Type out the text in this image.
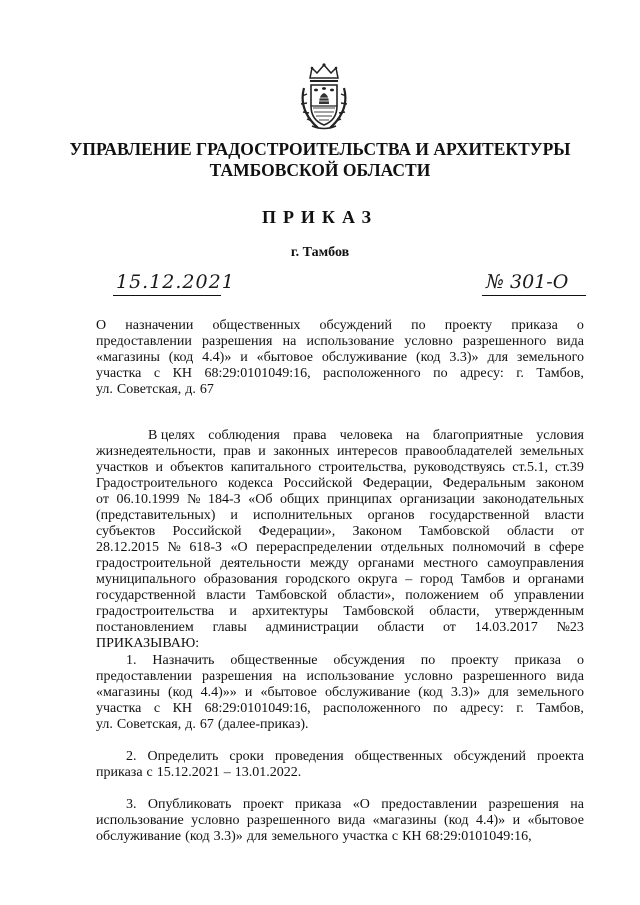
УПРАВЛЕНИЕ ГРАДОСТРОИТЕЛЬСТВА И АРХИТЕКТУРЫ
ТАМБОВСКОЙ ОБЛАСТИ
ПРИКАЗ
г. Тамбов
15.12.2021	№ 301-О
О назначении общественных обсуждений по проекту приказа о
предоставлении разрешения на использование условно разрешенного вида
«магазины (код 4.4)» и «бытовое обслуживание (код 3.3)» для земельного
участка с КН 68:29:0101049:16, расположенного по адресу: г. Тамбов,
ул. Советская, д. 67
В целях соблюдения права человека на благоприятные условия
жизнедеятельности, прав и законных интересов правообладателей земельных
участков и объектов капитального строительства, руководствуясь ст.5.1, ст.39
Градостроительного кодекса Российской Федерации, Федеральным законом
от 06.10.1999 № 184-З «Об общих принципах организации законодательных
(представительных) и исполнительных органов государственной власти
субъектов Российской Федерации», Законом Тамбовской области от
28.12.2015 № 618-З «О перераспределении отдельных полномочий в сфере
градостроительной деятельности между органами местного самоуправления
муниципального образования городского округа – город Тамбов и органами
государственной власти Тамбовской области», положением об управлении
градостроительства и архитектуры Тамбовской области, утвержденным
постановлением главы администрации области от 14.03.2017 №23
ПРИКАЗЫВАЮ:
1. Назначить общественные обсуждения по проекту приказа о
предоставлении разрешения на использование условно разрешенного вида
«магазины (код 4.4)»» и «бытовое обслуживание (код 3.3)» для земельного
участка с КН 68:29:0101049:16, расположенного по адресу: г. Тамбов,
ул. Советская, д. 67 (далее-приказ).
2. Определить сроки проведения общественных обсуждений проекта
приказа с 15.12.2021 – 13.01.2022.
3. Опубликовать проект приказа «О предоставлении разрешения на
использование условно разрешенного вида «магазины (код 4.4)» и «бытовое
обслуживание (код 3.3)» для земельного участка с КН 68:29:0101049:16,
